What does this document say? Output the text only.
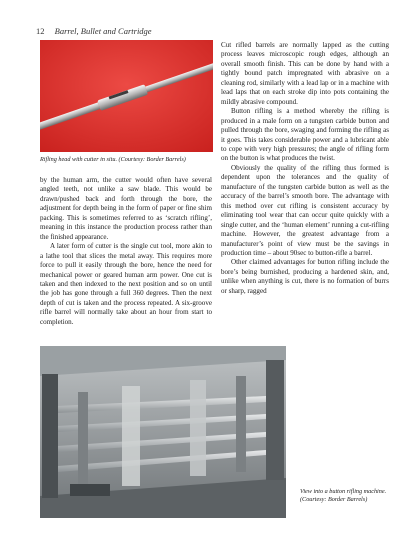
12 Barrel, Bullet and Cartridge
Rifling head with cutter in situ. (Courtesy: Border Barrels)

by the human arm, the cutter would often have several angled teeth, not unlike a saw blade. This would be drawn/pushed back and forth through the bore, the adjustment for depth being in the form of paper or fine shim packing. This is sometimes referred to as ‘scratch rifling’, meaning in this instance the production process rather than the finished appearance.

A later form of cutter is the single cut tool, more akin to a lathe tool that slices the metal away. This requires more force to pull it easily through the bore, hence the need for mechanical power or geared human arm power. One cut is taken and then indexed to the next position and so on until the job has gone through a full 360 degrees. Then the next depth of cut is taken and the process repeated. A six-groove rifle barrel will normally take about an hour from start to completion.

Cut rifled barrels are normally lapped as the cutting process leaves microscopic rough edges, although an overall smooth finish. This can be done by hand with a tightly bound patch impregnated with abrasive on a cleaning rod, similarly with a lead lap or in a machine with lead laps that on each stroke dip into pots containing the mildly abrasive compound.

Button rifling is a method whereby the rifling is produced in a male form on a tungsten carbide button and pulled through the bore, swaging and forming the rifling as it goes. This takes considerable power and a lubricant able to cope with very high pressures; the angle of rifling form on the button is what produces the twist.

Obviously the quality of the rifling thus formed is dependent upon the tolerances and the quality of manufacture of the tungsten carbide button as well as the accuracy of the barrel’s smooth bore. The advantage with this method over cut rifling is consistent accuracy by eliminating tool wear that can occur quite quickly with a single cutter, and the ‘human element’ running a cut-rifling machine. However, the greatest advantage from a manufacturer’s point of view must be the savings in production time – about 90sec to button-rifle a barrel.

Other claimed advantages for button rifling include the bore’s being burnished, producing a hardened skin, and, unlike when anything is cut, there is no formation of burrs or sharp, ragged

View into a button rifling machine. (Courtesy: Border Barrels)
